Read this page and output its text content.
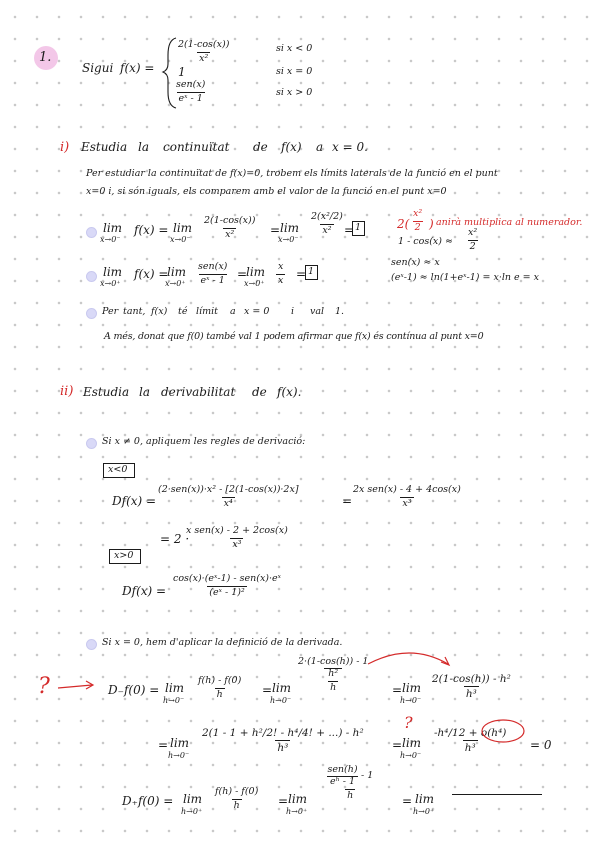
1.
Sigui f(x) =
$\frac{2(1-\cos(x))}{\text{x²}}$	si x < 0
1	si x = 0
sen(x)
eˣ - 1
si x > 0
i) Estudia la continuïtat de f(x) a x = 0.
Per estudiar la continuïtat de f(x)=0, trobem els límits laterals de la funció en el punt
x=0 i, si són iguals, els comparem amb el valor de la funció en el punt x=0
lim
x→0⁻
f(x) = lim
$x\to 0^- \frac{2(1-\cos(x))}{\text{x²}} = \lim$
x→0⁻
$\frac{\text{2(x²/2)}}{\text{x²}} = 1$	$2( \frac{\text{x²}}{2}$ ) anirà multiplica al numerador.
$1 - \cos(x) \approx \frac{\text{x²}}{2}$
sen(x) ≈ x
(eˣ-1) ≈ ln(1+eˣ-1) = x·ln e = x
lim
x→0⁺
f(x) =
lim
x→0⁺
sen(x)
eˣ - 1 =
lim
$x\to 0^+ \frac{x}{x} = 1$
Per tant, f(x) té límit a x = 0 i val 1.
A més, donat que f(0) també val 1 podem afirmar que f(x) és contínua al punt x=0
ii) Estudia la derivabilitat de f(x).
Si x ≠ 0, apliquem les regles de derivació:
x<0
Df(x) =
(2·sen(x))·x² - [2(1-cos(x))·2x]
x⁴	=
2x sen(x) - 4 + 4cos(x)
x³
= 2 ·
x sen(x) - 2 + 2cos(x)
x³
x>0
Df(x) =
cos(x)·(eˣ-1) - sen(x)·eˣ
(eˣ - 1)²
Si x = 0, hem d'aplicar la definició de la derivada.
?	D₋f(0) = lim
$h\to 0^- \frac{f(h) - f(0)}{h} = \lim$
h→0⁻
$\frac{\frac{2\cdot(1-\cos(h)) - 1}{\text{h²}}}{h} = \lim$
h→0⁻
$\frac{\text{2(1-cos(h)) - h²}}{\text{h³}}$
= lim
h→0⁻
$\frac{\text{2(1 - 1 + h²/2! - h⁴/4! + ...) - h²}}{\text{h³}} = \lim$
h→0⁻
?
$\frac{\text{-h⁴/12 + o(h⁴)}}{\text{h³}} = 0$
D₊f(0) = lim
$h\to 0^+ \frac{f(h) - f(0)}{h} = \lim$
h→0⁺
sen(h)
eʰ - 1
- 1
h	= lim
h→0⁺
